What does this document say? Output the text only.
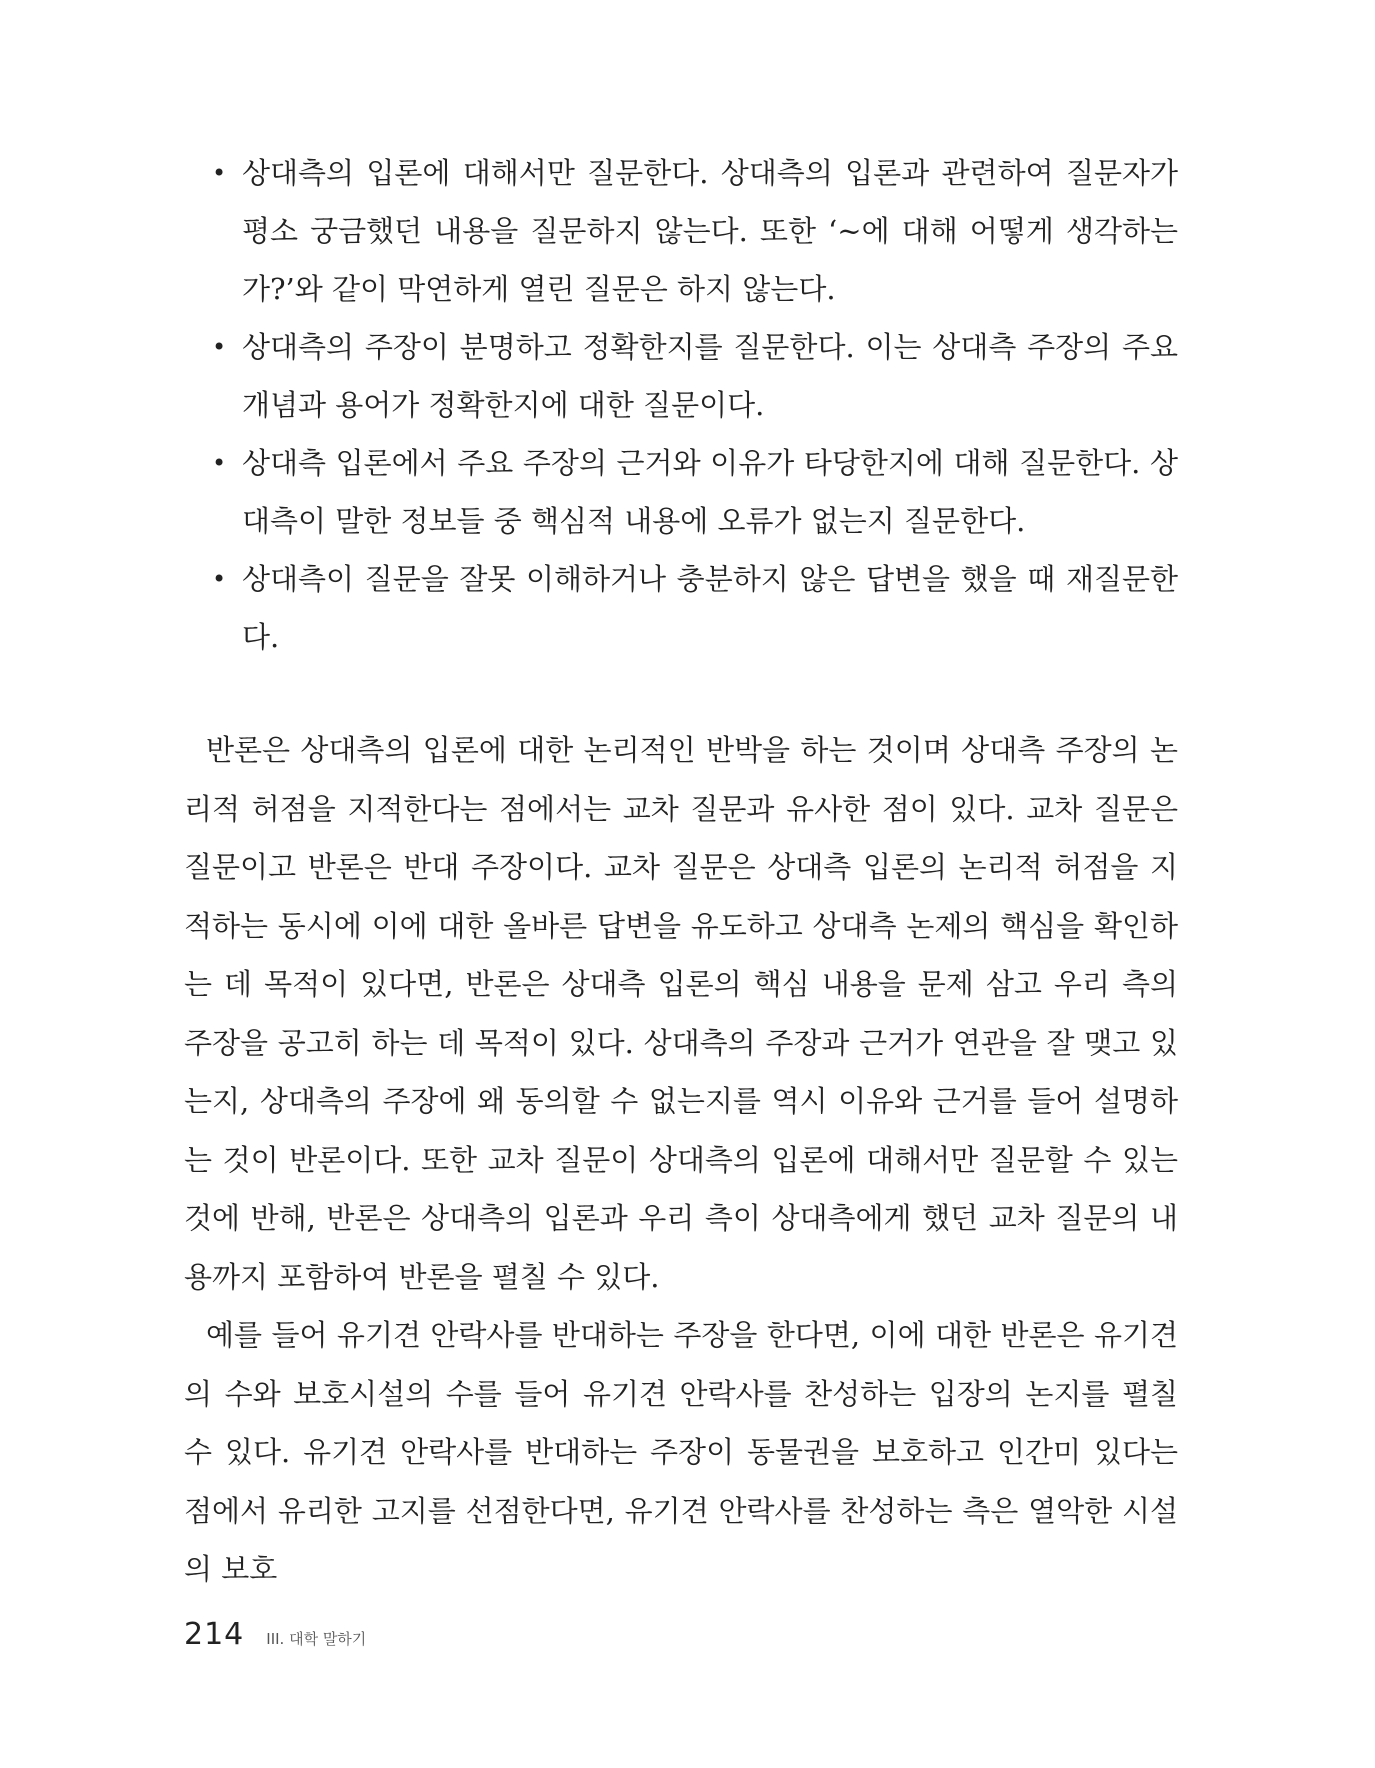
• 상대측의 입론에 대해서만 질문한다. 상대측의 입론과 관련하여 질문자가 평소 궁금했던 내용을 질문하지 않는다. 또한 ‘~에 대해 어떻게 생각하는가?’와 같이 막연하게 열린 질문은 하지 않는다.
• 상대측의 주장이 분명하고 정확한지를 질문한다. 이는 상대측 주장의 주요 개념과 용어가 정확한지에 대한 질문이다.
• 상대측 입론에서 주요 주장의 근거와 이유가 타당한지에 대해 질문한다. 상대측이 말한 정보들 중 핵심적 내용에 오류가 없는지 질문한다.
• 상대측이 질문을 잘못 이해하거나 충분하지 않은 답변을 했을 때 재질문한다.

반론은 상대측의 입론에 대한 논리적인 반박을 하는 것이며 상대측 주장의 논리적 허점을 지적한다는 점에서는 교차 질문과 유사한 점이 있다. 교차 질문은 질문이고 반론은 반대 주장이다. 교차 질문은 상대측 입론의 논리적 허점을 지적하는 동시에 이에 대한 올바른 답변을 유도하고 상대측 논제의 핵심을 확인하는 데 목적이 있다면, 반론은 상대측 입론의 핵심 내용을 문제 삼고 우리 측의 주장을 공고히 하는 데 목적이 있다. 상대측의 주장과 근거가 연관을 잘 맺고 있는지, 상대측의 주장에 왜 동의할 수 없는지를 역시 이유와 근거를 들어 설명하는 것이 반론이다. 또한 교차 질문이 상대측의 입론에 대해서만 질문할 수 있는 것에 반해, 반론은 상대측의 입론과 우리 측이 상대측에게 했던 교차 질문의 내용까지 포함하여 반론을 펼칠 수 있다.

예를 들어 유기견 안락사를 반대하는 주장을 한다면, 이에 대한 반론은 유기견의 수와 보호시설의 수를 들어 유기견 안락사를 찬성하는 입장의 논지를 펼칠 수 있다. 유기견 안락사를 반대하는 주장이 동물권을 보호하고 인간미 있다는 점에서 유리한 고지를 선점한다면, 유기견 안락사를 찬성하는 측은 열악한 시설의 보호

214 III. 대학 말하기
